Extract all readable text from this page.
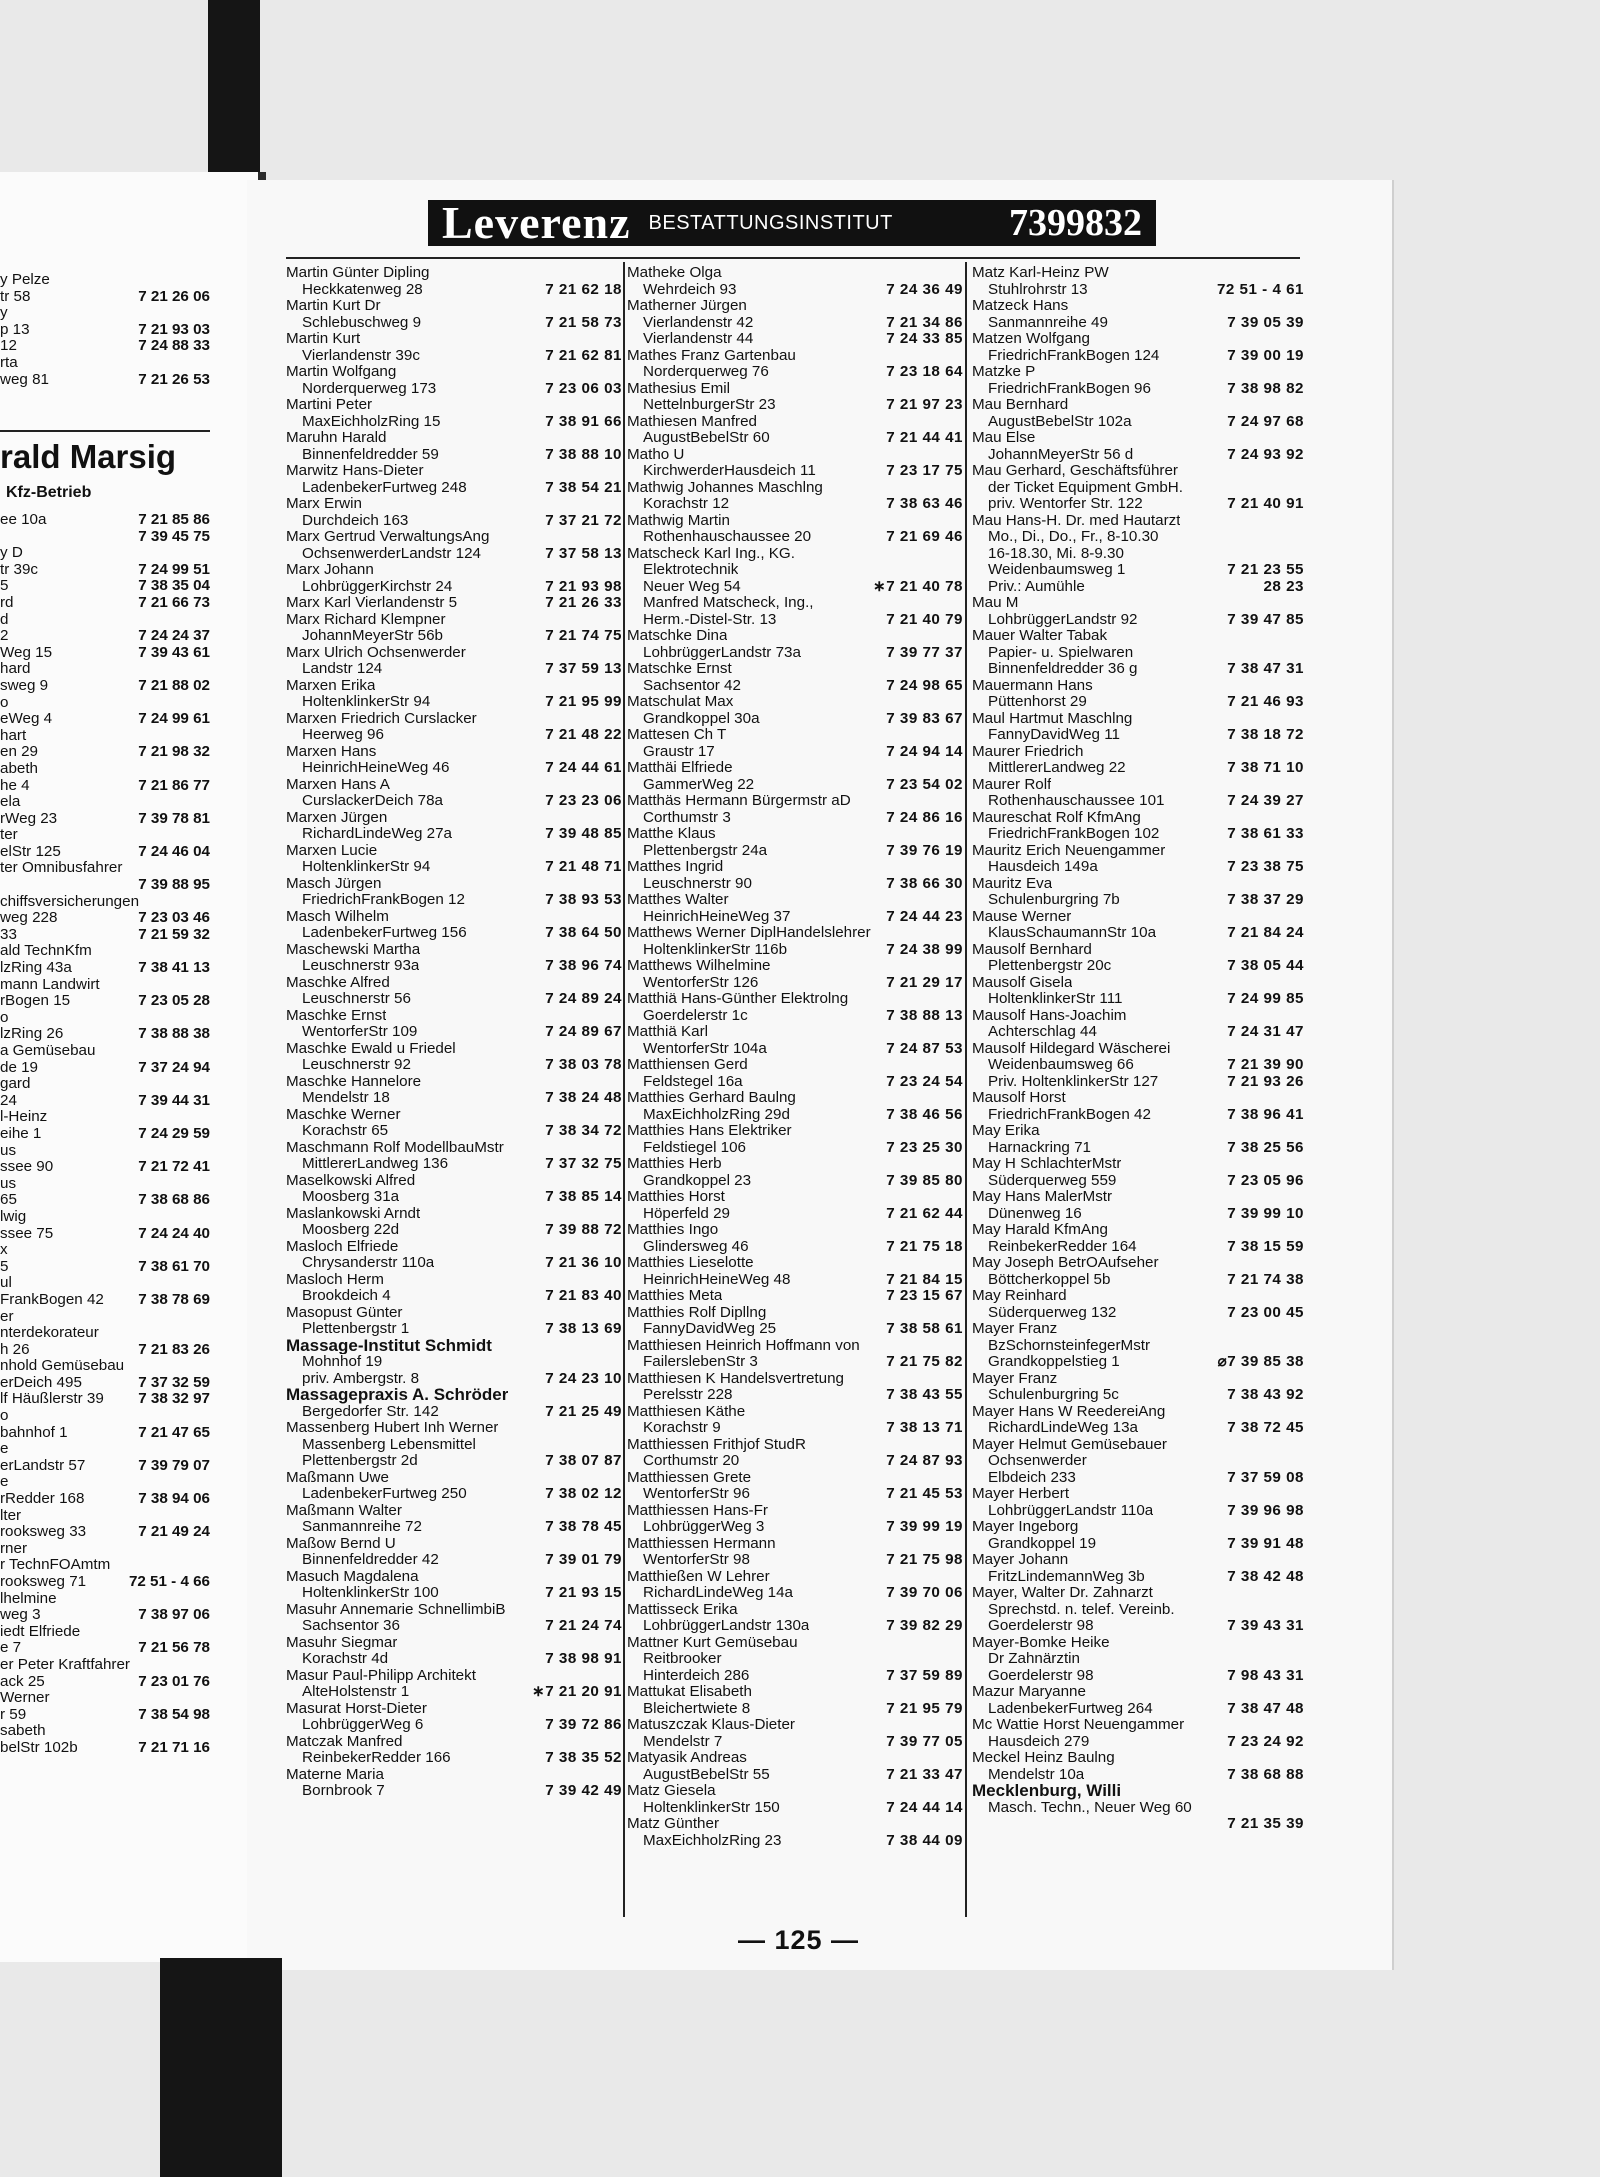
y Pelze
tr 58	7 21 26 06
y
p 13	7 21 93 03
12	7 24 88 33
rta
weg 81	7 21 26 53
rald Marsig
Kfz-Betrieb
ee 10a	7 21 85 86
7 39 45 75
y D
tr 39c	7 24 99 51
5	7 38 35 04
rd	7 21 66 73
d
2	7 24 24 37
Weg 15	7 39 43 61
hard
sweg 9	7 21 88 02
o
eWeg 4	7 24 99 61
hart
en 29	7 21 98 32
abeth
he 4	7 21 86 77
ela
rWeg 23	7 39 78 81
ter
elStr 125	7 24 46 04
ter Omnibusfahrer
7 39 88 95
chiffsversicherungen
weg 228	7 23 03 46
33	7 21 59 32
ald TechnKfm
lzRing 43a	7 38 41 13
mann Landwirt
rBogen 15	7 23 05 28
o
lzRing 26	7 38 88 38
a Gemüsebau
de 19	7 37 24 94
gard
24	7 39 44 31
l-Heinz
eihe 1	7 24 29 59
us
ssee 90	7 21 72 41
us
65	7 38 68 86
lwig
ssee 75	7 24 24 40
x
5	7 38 61 70
ul
FrankBogen 42 7 38 78 69
er
nterdekorateur
h 26	7 21 83 26
nhold Gemüsebau
erDeich 495	7 37 32 59
lf Häußlerstr 39 7 38 32 97
o
bahnhof 1	7 21 47 65
e
erLandstr 57	7 39 79 07
e
rRedder 168	7 38 94 06
lter
rooksweg 33	7 21 49 24
rner
r TechnFOAmtm
rooksweg 71	72 51 - 4 66
lhelmine
weg 3	7 38 97 06
iedt Elfriede
e 7	7 21 56 78
er Peter Kraftfahrer
ack 25	7 23 01 76
Werner
r 59	7 38 54 98
sabeth
belStr 102b	7 21 71 16
Leverenz BESTATTUNGSINSTITUT	7399832
Martin Günter Dipling
Heckkatenweg 28	7 21 62 18
Martin Kurt Dr
Schlebuschweg 9	7 21 58 73
Martin Kurt
Vierlandenstr 39c	7 21 62 81
Martin Wolfgang
Norderquerweg 173	7 23 06 03
Martini Peter
MaxEichholzRing 15	7 38 91 66
Maruhn Harald
Binnenfeldredder 59	7 38 88 10
Marwitz Hans-Dieter
LadenbekerFurtweg 248	7 38 54 21
Marx Erwin
Durchdeich 163	7 37 21 72
Marx Gertrud VerwaltungsAng
OchsenwerderLandstr 124	7 37 58 13
Marx Johann
LohbrüggerKirchstr 24	7 21 93 98
Marx Karl Vierlandenstr 5	7 21 26 33
Marx Richard Klempner
JohannMeyerStr 56b	7 21 74 75
Marx Ulrich Ochsenwerder
Landstr 124	7 37 59 13
Marxen Erika
HoltenklinkerStr 94	7 21 95 99
Marxen Friedrich Curslacker
Heerweg 96	7 21 48 22
Marxen Hans
HeinrichHeineWeg 46	7 24 44 61
Marxen Hans A
CurslackerDeich 78a	7 23 23 06
Marxen Jürgen
RichardLindeWeg 27a	7 39 48 85
Marxen Lucie
HoltenklinkerStr 94	7 21 48 71
Masch Jürgen
FriedrichFrankBogen 12	7 38 93 53
Masch Wilhelm
LadenbekerFurtweg 156	7 38 64 50
Maschewski Martha
Leuschnerstr 93a	7 38 96 74
Maschke Alfred
Leuschnerstr 56	7 24 89 24
Maschke Ernst
WentorferStr 109	7 24 89 67
Maschke Ewald u Friedel
Leuschnerstr 92	7 38 03 78
Maschke Hannelore
Mendelstr 18	7 38 24 48
Maschke Werner
Korachstr 65	7 38 34 72
Maschmann Rolf ModellbauMstr
MittlererLandweg 136	7 37 32 75
Maselkowski Alfred
Moosberg 31a	7 38 85 14
Maslankowski Arndt
Moosberg 22d	7 39 88 72
Masloch Elfriede
Chrysanderstr 110a	7 21 36 10
Masloch Herm
Brookdeich 4	7 21 83 40
Masopust Günter
Plettenbergstr 1	7 38 13 69
Massage-Institut Schmidt
Mohnhof 19
priv. Ambergstr. 8	7 24 23 10
Massagepraxis A. Schröder
Bergedorfer Str. 142	7 21 25 49
Massenberg Hubert Inh Werner
Massenberg Lebensmittel
Plettenbergstr 2d	7 38 07 87
Maßmann Uwe
LadenbekerFurtweg 250	7 38 02 12
Maßmann Walter
Sanmannreihe 72	7 38 78 45
Maßow Bernd U
Binnenfeldredder 42	7 39 01 79
Masuch Magdalena
HoltenklinkerStr 100	7 21 93 15
Masuhr Annemarie SchnellimbiB
Sachsentor 36	7 21 24 74
Masuhr Siegmar
Korachstr 4d	7 38 98 91
Masur Paul-Philipp Architekt
AlteHolstenstr 1	∗7 21 20 91
Masurat Horst-Dieter
LohbrüggerWeg 6	7 39 72 86
Matczak Manfred
ReinbekerRedder 166	7 38 35 52
Materne Maria
Bornbrook 7	7 39 42 49
Matheke Olga
Wehrdeich 93	7 24 36 49
Matherner Jürgen
Vierlandenstr 42	7 21 34 86
Vierlandenstr 44	7 24 33 85
Mathes Franz Gartenbau
Norderquerweg 76	7 23 18 64
Mathesius Emil
NettelnburgerStr 23	7 21 97 23
Mathiesen Manfred
AugustBebelStr 60	7 21 44 41
Matho U
KirchwerderHausdeich 11	7 23 17 75
Mathwig Johannes Maschlng
Korachstr 12	7 38 63 46
Mathwig Martin
Rothenhauschaussee 20	7 21 69 46
Matscheck Karl Ing., KG.
Elektrotechnik
Neuer Weg 54	∗7 21 40 78
Manfred Matscheck, Ing.,
Herm.-Distel-Str. 13	7 21 40 79
Matschke Dina
LohbrüggerLandstr 73a	7 39 77 37
Matschke Ernst
Sachsentor 42	7 24 98 65
Matschulat Max
Grandkoppel 30a	7 39 83 67
Mattesen Ch T
Graustr 17	7 24 94 14
Matthäi Elfriede
GammerWeg 22	7 23 54 02
Matthäs Hermann Bürgermstr aD
Corthumstr 3	7 24 86 16
Matthe Klaus
Plettenbergstr 24a	7 39 76 19
Matthes Ingrid
Leuschnerstr 90	7 38 66 30
Matthes Walter
HeinrichHeineWeg 37	7 24 44 23
Matthews Werner DiplHandelslehrer
HoltenklinkerStr 116b	7 24 38 99
Matthews Wilhelmine
WentorferStr 126	7 21 29 17
Matthiä Hans-Günther Elektrolng
Goerdelerstr 1c	7 38 88 13
Matthiä Karl
WentorferStr 104a	7 24 87 53
Matthiensen Gerd
Feldstegel 16a	7 23 24 54
Matthies Gerhard Baulng
MaxEichholzRing 29d	7 38 46 56
Matthies Hans Elektriker
Feldstiegel 106	7 23 25 30
Matthies Herb
Grandkoppel 23	7 39 85 80
Matthies Horst
Höperfeld 29	7 21 62 44
Matthies Ingo
Glindersweg 46	7 21 75 18
Matthies Lieselotte
HeinrichHeineWeg 48	7 21 84 15
Matthies Meta	7 23 15 67
Matthies Rolf Dipllng
FannyDavidWeg 25	7 38 58 61
Matthiesen Heinrich Hoffmann von
FailerslebenStr 3	7 21 75 82
Matthiesen K Handelsvertretung
Perelsstr 228	7 38 43 55
Matthiesen Käthe
Korachstr 9	7 38 13 71
Matthiessen Frithjof StudR
Corthumstr 20	7 24 87 93
Matthiessen Grete
WentorferStr 96	7 21 45 53
Matthiessen Hans-Fr
LohbrüggerWeg 3	7 39 99 19
Matthiessen Hermann
WentorferStr 98	7 21 75 98
Matthießen W Lehrer
RichardLindeWeg 14a	7 39 70 06
Mattisseck Erika
LohbrüggerLandstr 130a	7 39 82 29
Mattner Kurt Gemüsebau
Reitbrooker
Hinterdeich 286	7 37 59 89
Mattukat Elisabeth
Bleichertwiete 8	7 21 95 79
Matuszczak Klaus-Dieter
Mendelstr 7	7 39 77 05
Matyasik Andreas
AugustBebelStr 55	7 21 33 47
Matz Giesela
HoltenklinkerStr 150	7 24 44 14
Matz Günther
MaxEichholzRing 23	7 38 44 09
Matz Karl-Heinz PW
Stuhlrohrstr 13	72 51 - 4 61
Matzeck Hans
Sanmannreihe 49	7 39 05 39
Matzen Wolfgang
FriedrichFrankBogen 124	7 39 00 19
Matzke P
FriedrichFrankBogen 96	7 38 98 82
Mau Bernhard
AugustBebelStr 102a	7 24 97 68
Mau Else
JohannMeyerStr 56 d	7 24 93 92
Mau Gerhard, Geschäftsführer
der Ticket Equipment GmbH.
priv. Wentorfer Str. 122	7 21 40 91
Mau Hans-H. Dr. med Hautarzt
Mo., Di., Do., Fr., 8-10.30
16-18.30, Mi. 8-9.30
Weidenbaumsweg 1	7 21 23 55
Priv.: Aumühle	28 23
Mau M
LohbrüggerLandstr 92	7 39 47 85
Mauer Walter Tabak
Papier- u. Spielwaren
Binnenfeldredder 36 g	7 38 47 31
Mauermann Hans
Püttenhorst 29	7 21 46 93
Maul Hartmut Maschlng
FannyDavidWeg 11	7 38 18 72
Maurer Friedrich
MittlererLandweg 22	7 38 71 10
Maurer Rolf
Rothenhauschaussee 101	7 24 39 27
Maureschat Rolf KfmAng
FriedrichFrankBogen 102	7 38 61 33
Mauritz Erich Neuengammer
Hausdeich 149a	7 23 38 75
Mauritz Eva
Schulenburgring 7b	7 38 37 29
Mause Werner
KlausSchaumannStr 10a	7 21 84 24
Mausolf Bernhard
Plettenbergstr 20c	7 38 05 44
Mausolf Gisela
HoltenklinkerStr 111	7 24 99 85
Mausolf Hans-Joachim
Achterschlag 44	7 24 31 47
Mausolf Hildegard Wäscherei
Weidenbaumsweg 66	7 21 39 90
Priv. HoltenklinkerStr 127	7 21 93 26
Mausolf Horst
FriedrichFrankBogen 42	7 38 96 41
May Erika
Harnackring 71	7 38 25 56
May H SchlachterMstr
Süderquerweg 559	7 23 05 96
May Hans MalerMstr
Dünenweg 16	7 39 99 10
May Harald KfmAng
ReinbekerRedder 164	7 38 15 59
May Joseph BetrOAufseher
Böttcherkoppel 5b	7 21 74 38
May Reinhard
Süderquerweg 132	7 23 00 45
Mayer Franz
BzSchornsteinfegerMstr
Grandkoppelstieg 1	⌀7 39 85 38
Mayer Franz
Schulenburgring 5c	7 38 43 92
Mayer Hans W ReedereiAng
RichardLindeWeg 13a	7 38 72 45
Mayer Helmut Gemüsebauer
Ochsenwerder
Elbdeich 233	7 37 59 08
Mayer Herbert
LohbrüggerLandstr 110a	7 39 96 98
Mayer Ingeborg
Grandkoppel 19	7 39 91 48
Mayer Johann
FritzLindemannWeg 3b	7 38 42 48
Mayer, Walter Dr. Zahnarzt
Sprechstd. n. telef. Vereinb.
Goerdelerstr 98	7 39 43 31
Mayer-Bomke Heike
Dr Zahnärztin
Goerdelerstr 98	7 98 43 31
Mazur Maryanne
LadenbekerFurtweg 264	7 38 47 48
Mc Wattie Horst Neuengammer
Hausdeich 279	7 23 24 92
Meckel Heinz Baulng
Mendelstr 10a	7 38 68 88
Mecklenburg, Willi
Masch. Techn., Neuer Weg 60
7 21 35 39
— 125 —
